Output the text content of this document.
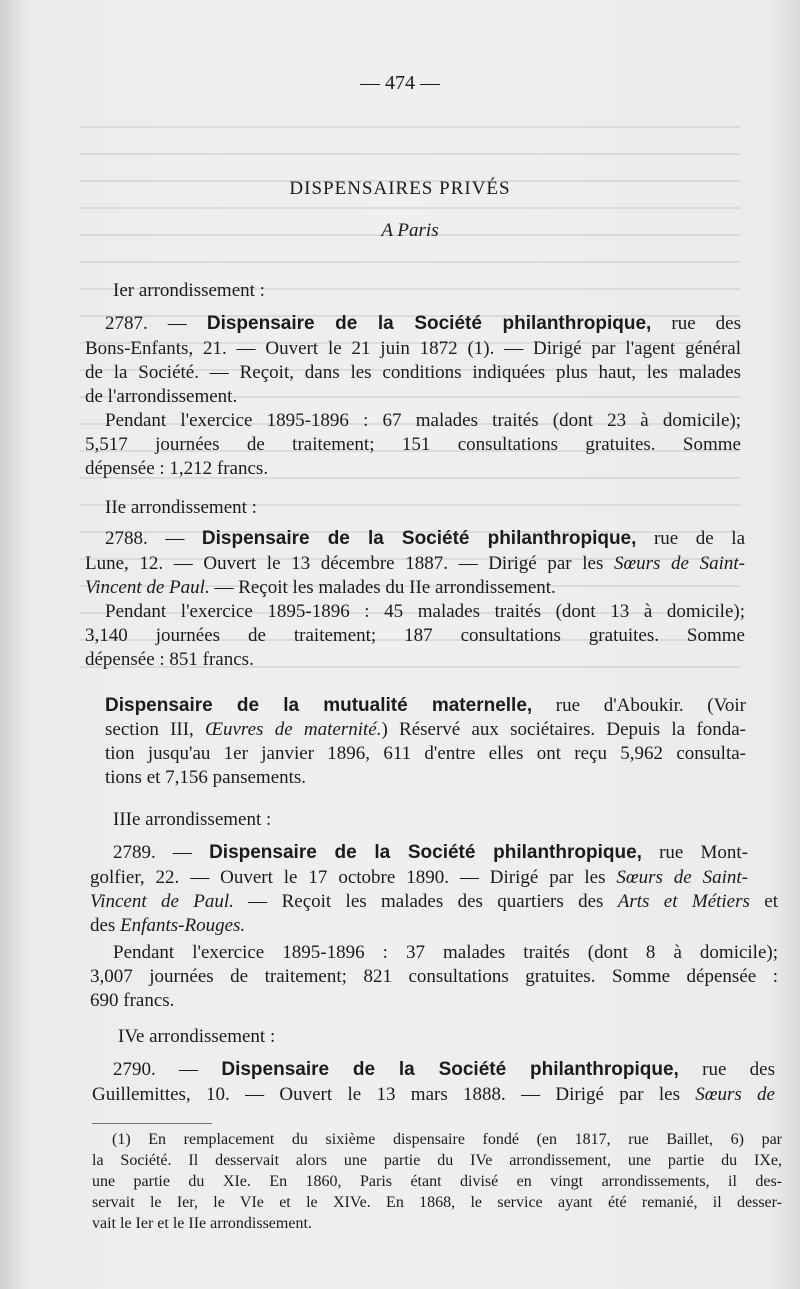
— 474 —
DISPENSAIRES PRIVÉS
A Paris
Ier arrondissement :
2787. — Dispensaire de la Société philanthropique, rue des
Bons-Enfants, 21. — Ouvert le 21 juin 1872 (1). — Dirigé par l'agent général
de la Société. — Reçoit, dans les conditions indiquées plus haut, les malades
de l'arrondissement.
Pendant l'exercice 1895-1896 : 67 malades traités (dont 23 à domicile);
5,517 journées de traitement; 151 consultations gratuites. Somme
dépensée : 1,212 francs.
IIe arrondissement :
2788. — Dispensaire de la Société philanthropique, rue de la
Lune, 12. — Ouvert le 13 décembre 1887. — Dirigé par les Sœurs de Saint-
Vincent de Paul. — Reçoit les malades du IIe arrondissement.
Pendant l'exercice 1895-1896 : 45 malades traités (dont 13 à domicile);
3,140 journées de traitement; 187 consultations gratuites. Somme
dépensée : 851 francs.
Dispensaire de la mutualité maternelle, rue d'Aboukir. (Voir
section III, Œuvres de maternité.) Réservé aux sociétaires. Depuis la fonda-
tion jusqu'au 1er janvier 1896, 611 d'entre elles ont reçu 5,962 consulta-
tions et 7,156 pansements.
IIIe arrondissement :
2789. — Dispensaire de la Société philanthropique, rue Mont-
golfier, 22. — Ouvert le 17 octobre 1890. — Dirigé par les Sœurs de Saint-
Vincent de Paul. — Reçoit les malades des quartiers des Arts et Métiers et
des Enfants-Rouges.
Pendant l'exercice 1895-1896 : 37 malades traités (dont 8 à domicile);
3,007 journées de traitement; 821 consultations gratuites. Somme dépensée :
690 francs.
IVe arrondissement :
2790. — Dispensaire de la Société philanthropique, rue des
Guillemittes, 10. — Ouvert le 13 mars 1888. — Dirigé par les Sœurs de
(1) En remplacement du sixième dispensaire fondé (en 1817, rue Baillet, 6) par
la Société. Il desservait alors une partie du IVe arrondissement, une partie du IXe,
une partie du XIe. En 1860, Paris étant divisé en vingt arrondissements, il des-
servait le Ier, le VIe et le XIVe. En 1868, le service ayant été remanié, il desser-
vait le Ier et le IIe arrondissement.
